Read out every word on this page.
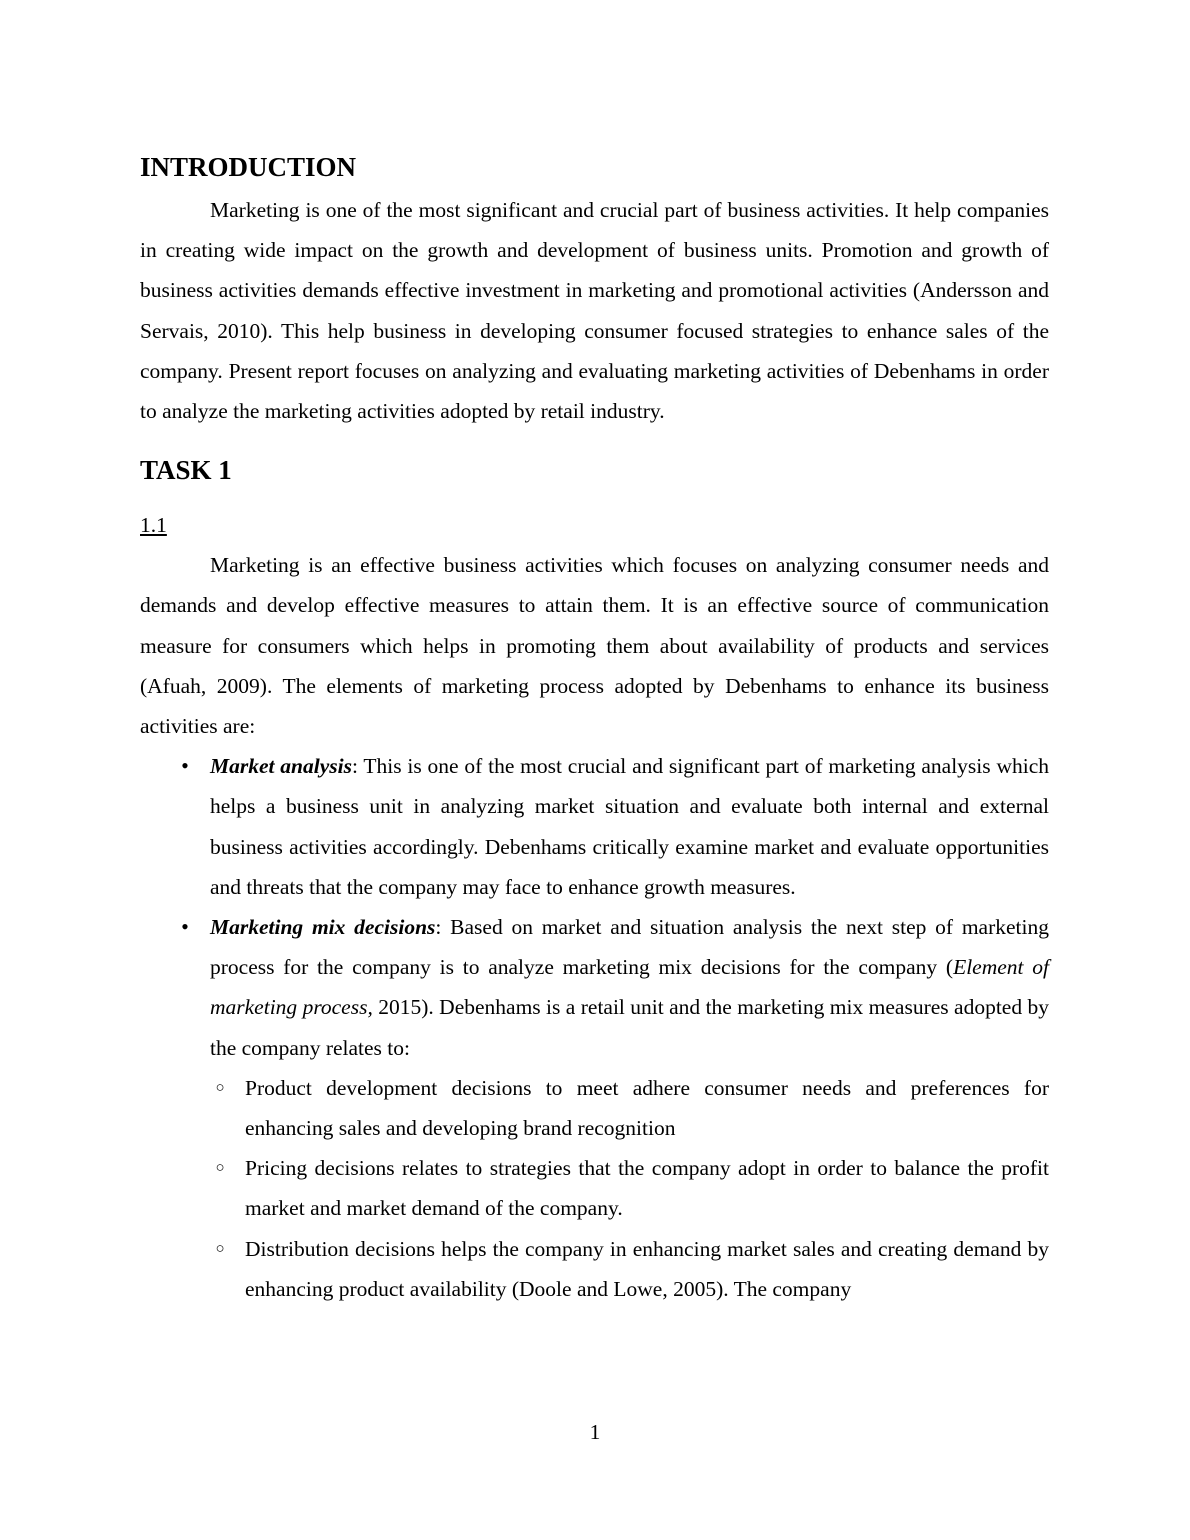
INTRODUCTION

Marketing is one of the most significant and crucial part of business activities. It help companies in creating wide impact on the growth and development of business units. Promotion and growth of business activities demands effective investment in marketing and promotional activities (Andersson and Servais, 2010). This help business in developing consumer focused strategies to enhance sales of the company. Present report focuses on analyzing and evaluating marketing activities of Debenhams in order to analyze the marketing activities adopted by retail industry.

TASK 1
1.1

Marketing is an effective business activities which focuses on analyzing consumer needs and demands and develop effective measures to attain them. It is an effective source of communication measure for consumers which helps in promoting them about availability of products and services (Afuah, 2009). The elements of marketing process adopted by Debenhams to enhance its business activities are:

• Market analysis: This is one of the most crucial and significant part of marketing analysis which helps a business unit in analyzing market situation and evaluate both internal and external business activities accordingly. Debenhams critically examine market and evaluate opportunities and threats that the company may face to enhance growth measures.
• Marketing mix decisions: Based on market and situation analysis the next step of marketing process for the company is to analyze marketing mix decisions for the company (Element of marketing process, 2015). Debenhams is a retail unit and the marketing mix measures adopted by the company relates to:
○ Product development decisions to meet adhere consumer needs and preferences for enhancing sales and developing brand recognition
○ Pricing decisions relates to strategies that the company adopt in order to balance the profit market and market demand of the company.
○ Distribution decisions helps the company in enhancing market sales and creating demand by enhancing product availability (Doole and Lowe, 2005). The company
1
